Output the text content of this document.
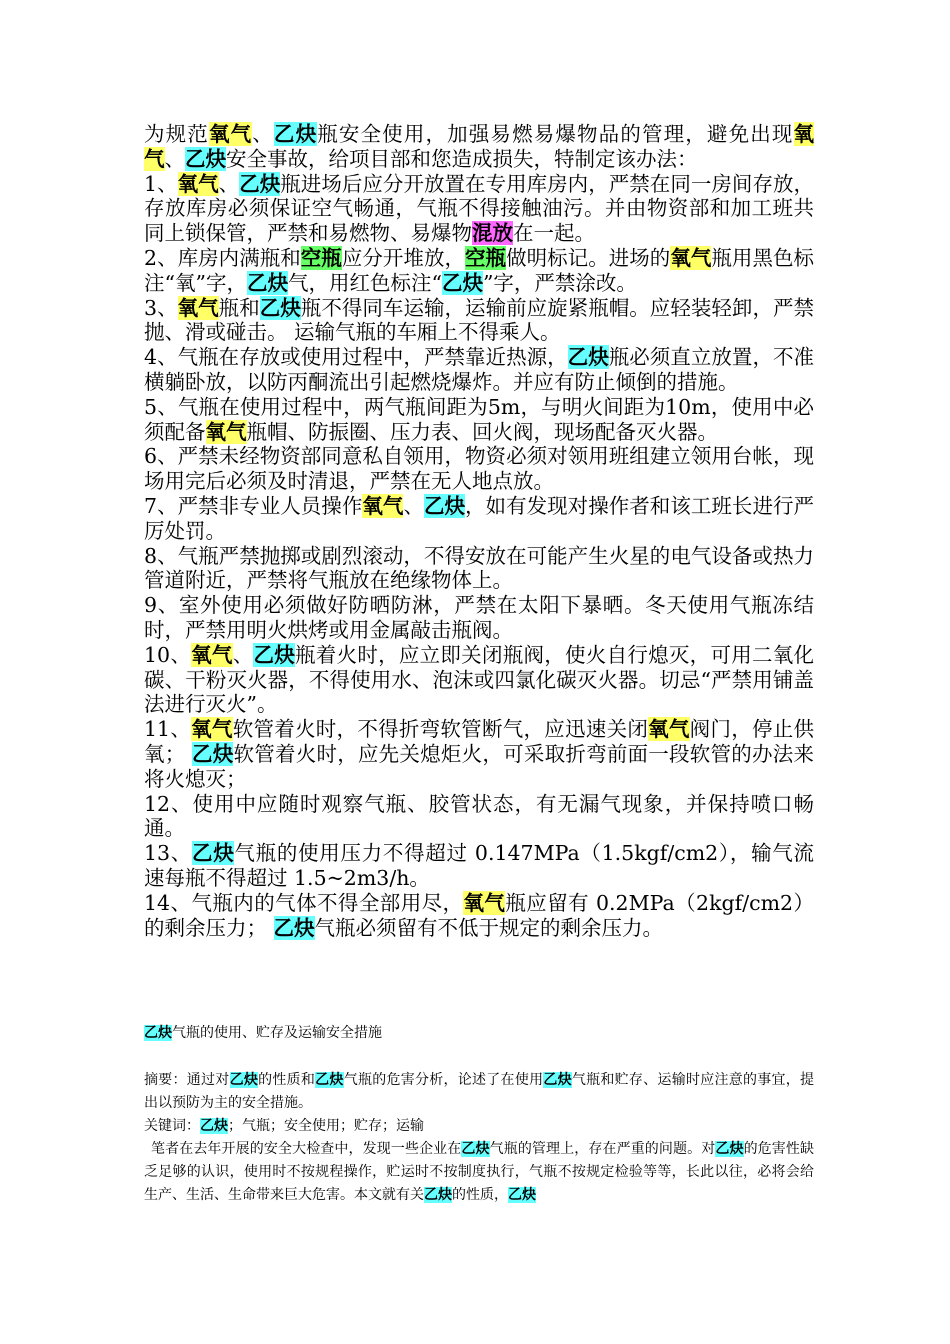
为规范氧气、乙炔瓶安全使用，加强易燃易爆物品的管理，避免出现氧气、乙炔安全事故，给项目部和您造成损失，特制定该办法：

1、氧气、乙炔瓶进场后应分开放置在专用库房内，严禁在同一房间存放，存放库房必须保证空气畅通，气瓶不得接触油污。并由物资部和加工班共同上锁保管，严禁和易燃物、易爆物混放在一起。

2、库房内满瓶和空瓶应分开堆放，空瓶做明标记。进场的氧气瓶用黑色标注“氧”字，乙炔气，用红色标注“乙炔”字，严禁涂改。

3、氧气瓶和乙炔瓶不得同车运输，运输前应旋紧瓶帽。应轻装轻卸，严禁抛、滑或碰击。 运输气瓶的车厢上不得乘人。

4、气瓶在存放或使用过程中，严禁靠近热源，乙炔瓶必须直立放置，不准横躺卧放，以防丙酮流出引起燃烧爆炸。并应有防止倾倒的措施。

5、气瓶在使用过程中，两气瓶间距为5m，与明火间距为10m，使用中必须配备氧气瓶帽、防振圈、压力表、回火阀，现场配备灭火器。

6、严禁未经物资部同意私自领用，物资必须对领用班组建立领用台帐，现场用完后必须及时清退，严禁在无人地点放。

7、严禁非专业人员操作氧气、乙炔，如有发现对操作者和该工班长进行严厉处罚。

8、气瓶严禁抛掷或剧烈滚动，不得安放在可能产生火星的电气设备或热力管道附近，严禁将气瓶放在绝缘物体上。

9、室外使用必须做好防晒防淋，严禁在太阳下暴晒。冬天使用气瓶冻结时，严禁用明火烘烤或用金属敲击瓶阀。

10、氧气、乙炔瓶着火时，应立即关闭瓶阀，使火自行熄灭，可用二氧化碳、干粉灭火器，不得使用水、泡沫或四氯化碳灭火器。切忌“严禁用铺盖法进行灭火”。

11、氧气软管着火时，不得折弯软管断气，应迅速关闭氧气阀门，停止供氧； 乙炔软管着火时，应先关熄炬火，可采取折弯前面一段软管的办法来将火熄灭；

12、使用中应随时观察气瓶、胶管状态，有无漏气现象，并保持喷口畅通。

13、乙炔气瓶的使用压力不得超过 0.147MPa（1.5kgf/cm2），输气流速每瓶不得超过 1.5~2m3/h。

14、气瓶内的气体不得全部用尽，氧气瓶应留有 0.2MPa（2kgf/cm2）的剩余压力； 乙炔气瓶必须留有不低于规定的剩余压力。

乙炔气瓶的使用、贮存及运输安全措施

摘要：通过对乙炔的性质和乙炔气瓶的危害分析，论述了在使用乙炔气瓶和贮存、运输时应注意的事宜，提出以预防为主的安全措施。

关键词：乙炔；气瓶；安全使用；贮存；运输

笔者在去年开展的安全大检查中，发现一些企业在乙炔气瓶的管理上，存在严重的问题。对乙炔的危害性缺乏足够的认识，使用时不按规程操作，贮运时不按制度执行，气瓶不按规定检验等等，长此以往，必将会给生产、生活、生命带来巨大危害。本文就有关乙炔的性质，乙炔
